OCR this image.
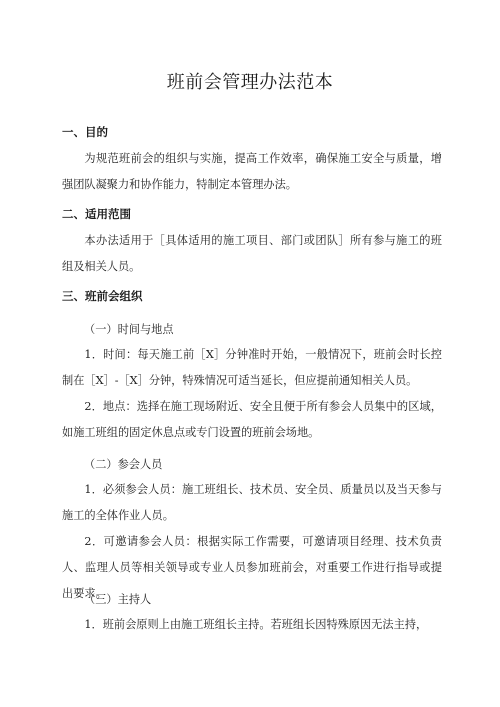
班前会管理办法范本
一、目的

为规范班前会的组织与实施，提高工作效率，确保施工安全与质量，增强团队凝聚力和协作能力，特制定本管理办法。

二、适用范围

本办法适用于［具体适用的施工项目、部门或团队］所有参与施工的班组及相关人员。

三、班前会组织

（一）时间与地点

1．时间：每天施工前［X］分钟准时开始，一般情况下，班前会时长控制在［X］-［X］分钟，特殊情况可适当延长，但应提前通知相关人员。

2．地点：选择在施工现场附近、安全且便于所有参会人员集中的区域，如施工班组的固定休息点或专门设置的班前会场地。

（二）参会人员

1．必须参会人员：施工班组长、技术员、安全员、质量员以及当天参与施工的全体作业人员。

2．可邀请参会人员：根据实际工作需要，可邀请项目经理、技术负责人、监理人员等相关领导或专业人员参加班前会，对重要工作进行指导或提出要求。

（三）主持人

1．班前会原则上由施工班组长主持。若班组长因特殊原因无法主持，
